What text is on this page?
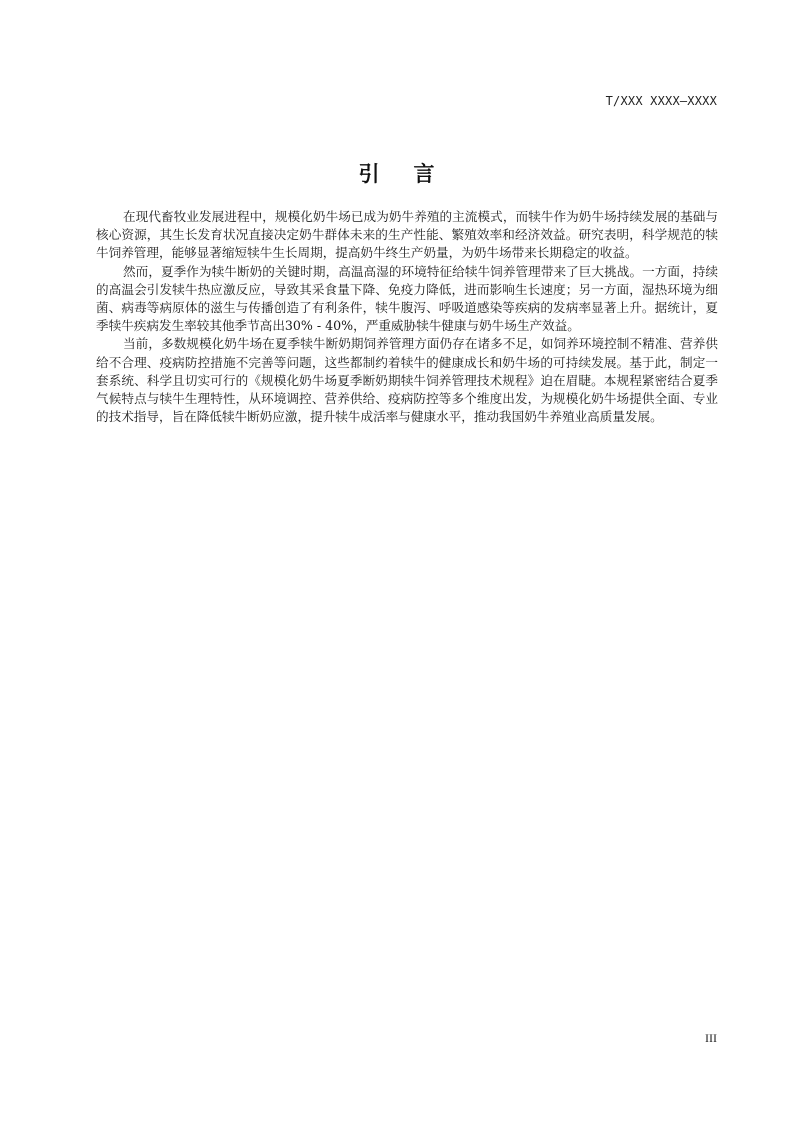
T/XXX XXXX—XXXX
引 言

在现代畜牧业发展进程中，规模化奶牛场已成为奶牛养殖的主流模式，而犊牛作为奶牛场持续发展的基础与核心资源，其生长发育状况直接决定奶牛群体未来的生产性能、繁殖效率和经济效益。研究表明，科学规范的犊牛饲养管理，能够显著缩短犊牛生长周期，提高奶牛终生产奶量，为奶牛场带来长期稳定的收益。

然而，夏季作为犊牛断奶的关键时期，高温高湿的环境特征给犊牛饲养管理带来了巨大挑战。一方面，持续的高温会引发犊牛热应激反应，导致其采食量下降、免疫力降低，进而影响生长速度；另一方面，湿热环境为细菌、病毒等病原体的滋生与传播创造了有利条件，犊牛腹泻、呼吸道感染等疾病的发病率显著上升。据统计，夏季犊牛疾病发生率较其他季节高出30% - 40%，严重威胁犊牛健康与奶牛场生产效益。

当前，多数规模化奶牛场在夏季犊牛断奶期饲养管理方面仍存在诸多不足，如饲养环境控制不精准、营养供给不合理、疫病防控措施不完善等问题，这些都制约着犊牛的健康成长和奶牛场的可持续发展。基于此，制定一套系统、科学且切实可行的《规模化奶牛场夏季断奶期犊牛饲养管理技术规程》迫在眉睫。本规程紧密结合夏季气候特点与犊牛生理特性，从环境调控、营养供给、疫病防控等多个维度出发，为规模化奶牛场提供全面、专业的技术指导，旨在降低犊牛断奶应激，提升犊牛成活率与健康水平，推动我国奶牛养殖业高质量发展。

III
